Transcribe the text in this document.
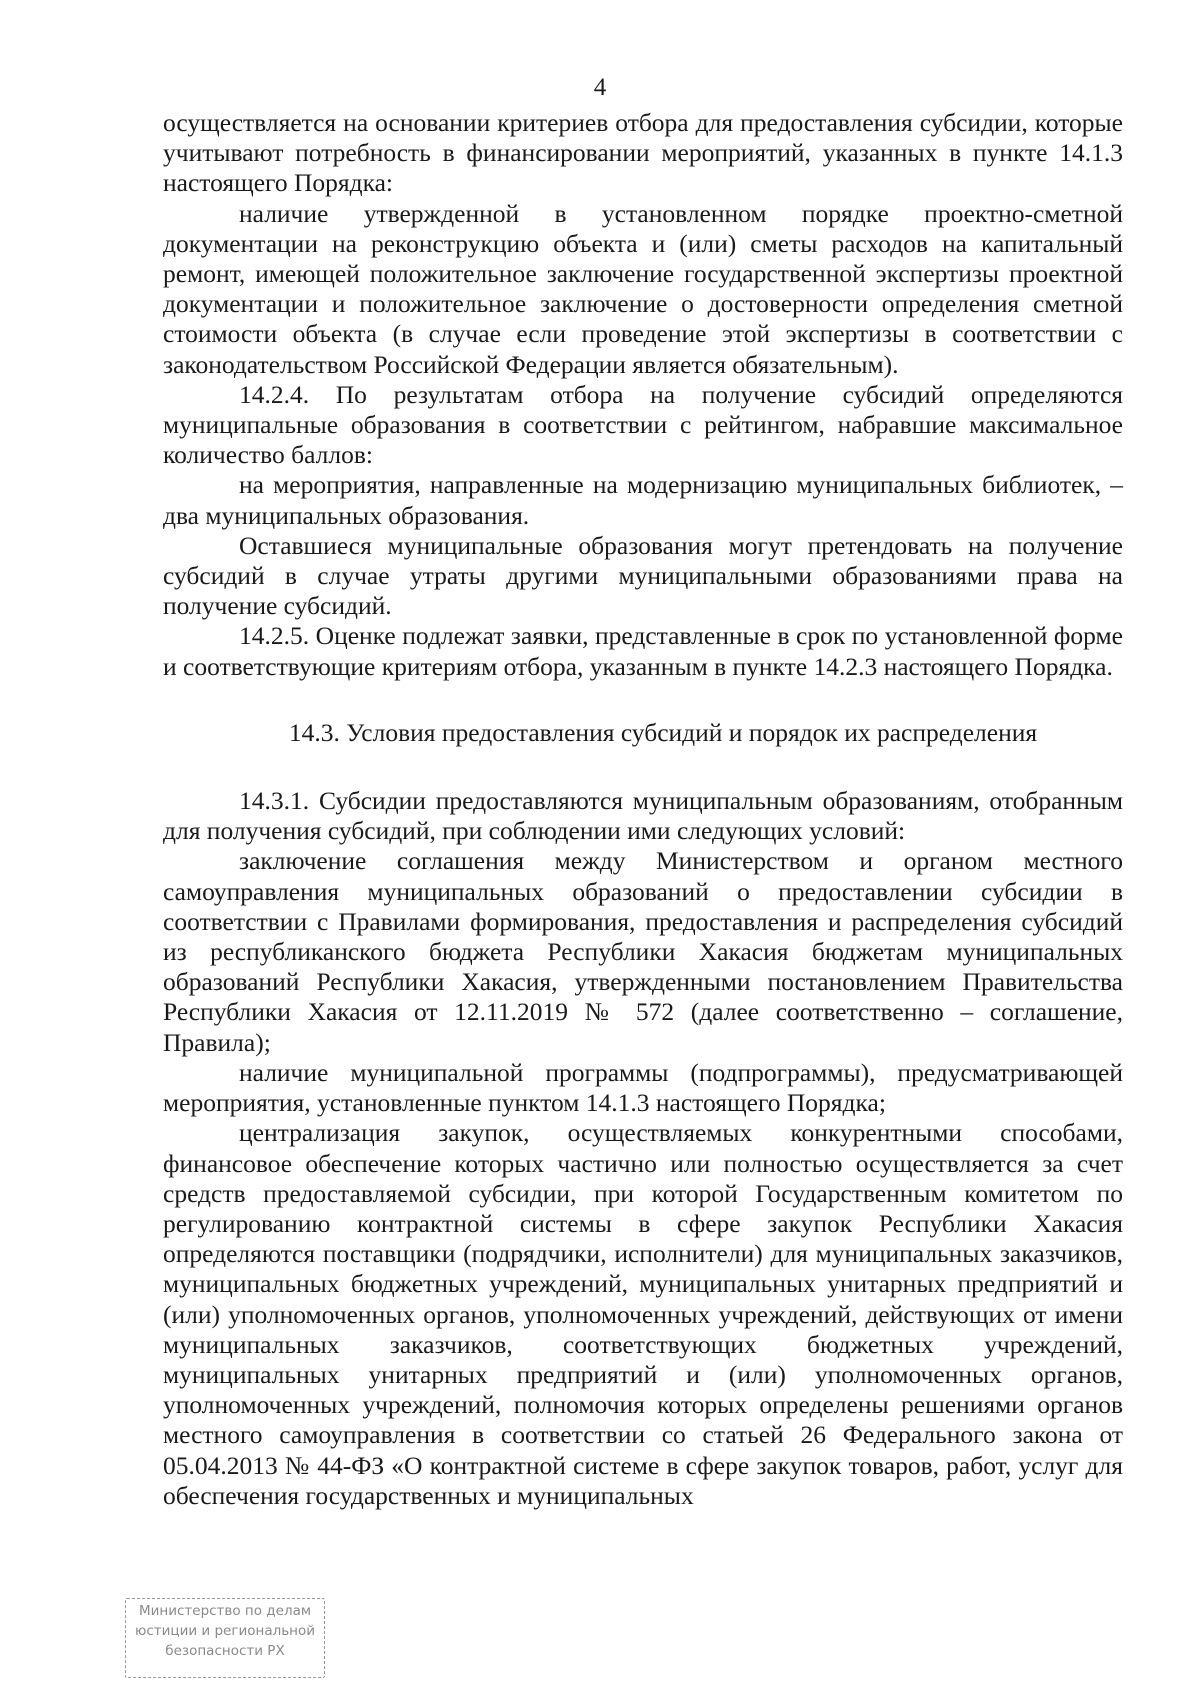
4

осуществляется на основании критериев отбора для предоставления субсидии, которые учитывают потребность в финансировании мероприятий, указанных в пункте 14.1.3 настоящего Порядка:

наличие утвержденной в установленном порядке проектно-сметной документации на реконструкцию объекта и (или) сметы расходов на капитальный ремонт, имеющей положительное заключение государственной экспертизы проектной документации и положительное заключение о достоверности определения сметной стоимости объекта (в случае если проведение этой экспертизы в соответствии с законодательством Российской Федерации является обязательным).

14.2.4. По результатам отбора на получение субсидий определяются муниципальные образования в соответствии с рейтингом, набравшие максимальное количество баллов:

на мероприятия, направленные на модернизацию муниципальных библиотек, – два муниципальных образования.

Оставшиеся муниципальные образования могут претендовать на получение субсидий в случае утраты другими муниципальными образованиями права на получение субсидий.

14.2.5. Оценке подлежат заявки, представленные в срок по установленной форме и соответствующие критериям отбора, указанным в пункте 14.2.3 настоящего Порядка.

14.3. Условия предоставления субсидий и порядок их распределения

14.3.1. Субсидии предоставляются муниципальным образованиям, отобранным для получения субсидий, при соблюдении ими следующих условий:

заключение соглашения между Министерством и органом местного самоуправления муниципальных образований о предоставлении субсидии в соответствии с Правилами формирования, предоставления и распределения субсидий из республиканского бюджета Республики Хакасия бюджетам муниципальных образований Республики Хакасия, утвержденными постановлением Правительства Республики Хакасия от 12.11.2019 № 572 (далее соответственно – соглашение, Правила);

наличие муниципальной программы (подпрограммы), предусматривающей мероприятия, установленные пунктом 14.1.3 настоящего Порядка;

централизация закупок, осуществляемых конкурентными способами, финансовое обеспечение которых частично или полностью осуществляется за счет средств предоставляемой субсидии, при которой Государственным комитетом по регулированию контрактной системы в сфере закупок Республики Хакасия определяются поставщики (подрядчики, исполнители) для муниципальных заказчиков, муниципальных бюджетных учреждений, муниципальных унитарных предприятий и (или) уполномоченных органов, уполномоченных учреждений, действующих от имени муниципальных заказчиков, соответствующих бюджетных учреждений, муниципальных унитарных предприятий и (или) уполномоченных органов, уполномоченных учреждений, полномочия которых определены решениями органов местного самоуправления в соответствии со статьей 26 Федерального закона от 05.04.2013 № 44-ФЗ «О контрактной системе в сфере закупок товаров, работ, услуг для обеспечения государственных и муниципальных

Министерство по делам
юстиции и региональной
безопасности РХ
